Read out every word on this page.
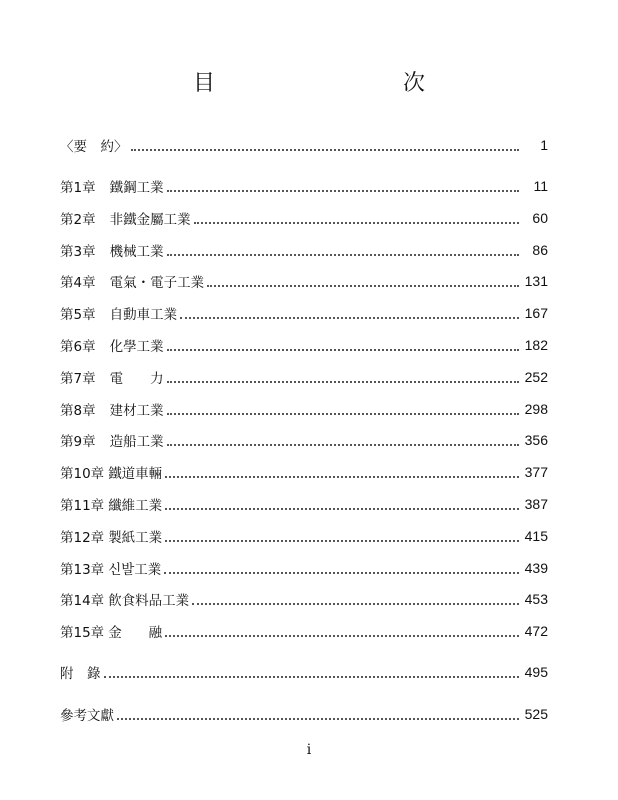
目　　次
〈要　約〉	1
第1章 鐵鋼工業	11
第2章 非鐵金屬工業	60
第3章 機械工業	86
第4章 電氣・電子工業	131
第5章 自動車工業	167
第6章 化學工業	182
第7章 電　　力	252
第8章 建材工業	298
第9章 造船工業	356
第10章 鐵道車輛	377
第11章 纖維工業	387
第12章 製紙工業	415
第13章 신발工業	439
第14章 飮食料品工業	453
第15章 金　　融	472
附　錄	495
參考文獻	525
i
